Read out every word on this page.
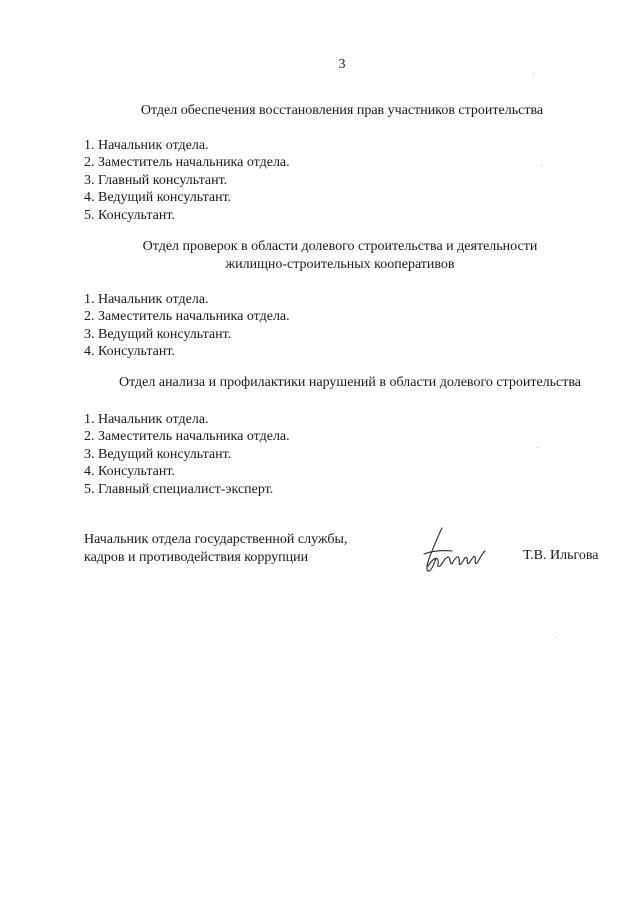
3
Отдел обеспечения восстановления прав участников строительства
1. Начальник отдела.
2. Заместитель начальника отдела.
3. Главный консультант.
4. Ведущий консультант.
5. Консультант.
Отдел проверок в области долевого строительства и деятельности
жилищно-строительных кооперативов
1. Начальник отдела.
2. Заместитель начальника отдела.
3. Ведущий консультант.
4. Консультант.
Отдел анализа и профилактики нарушений в области долевого строительства
1. Начальник отдела.
2. Заместитель начальника отдела.
3. Ведущий консультант.
4. Консультант.
5. Главный специалист-эксперт.
Начальник отдела государственной службы,
кадров и противодействия коррупции	Т.В. Ильгова
